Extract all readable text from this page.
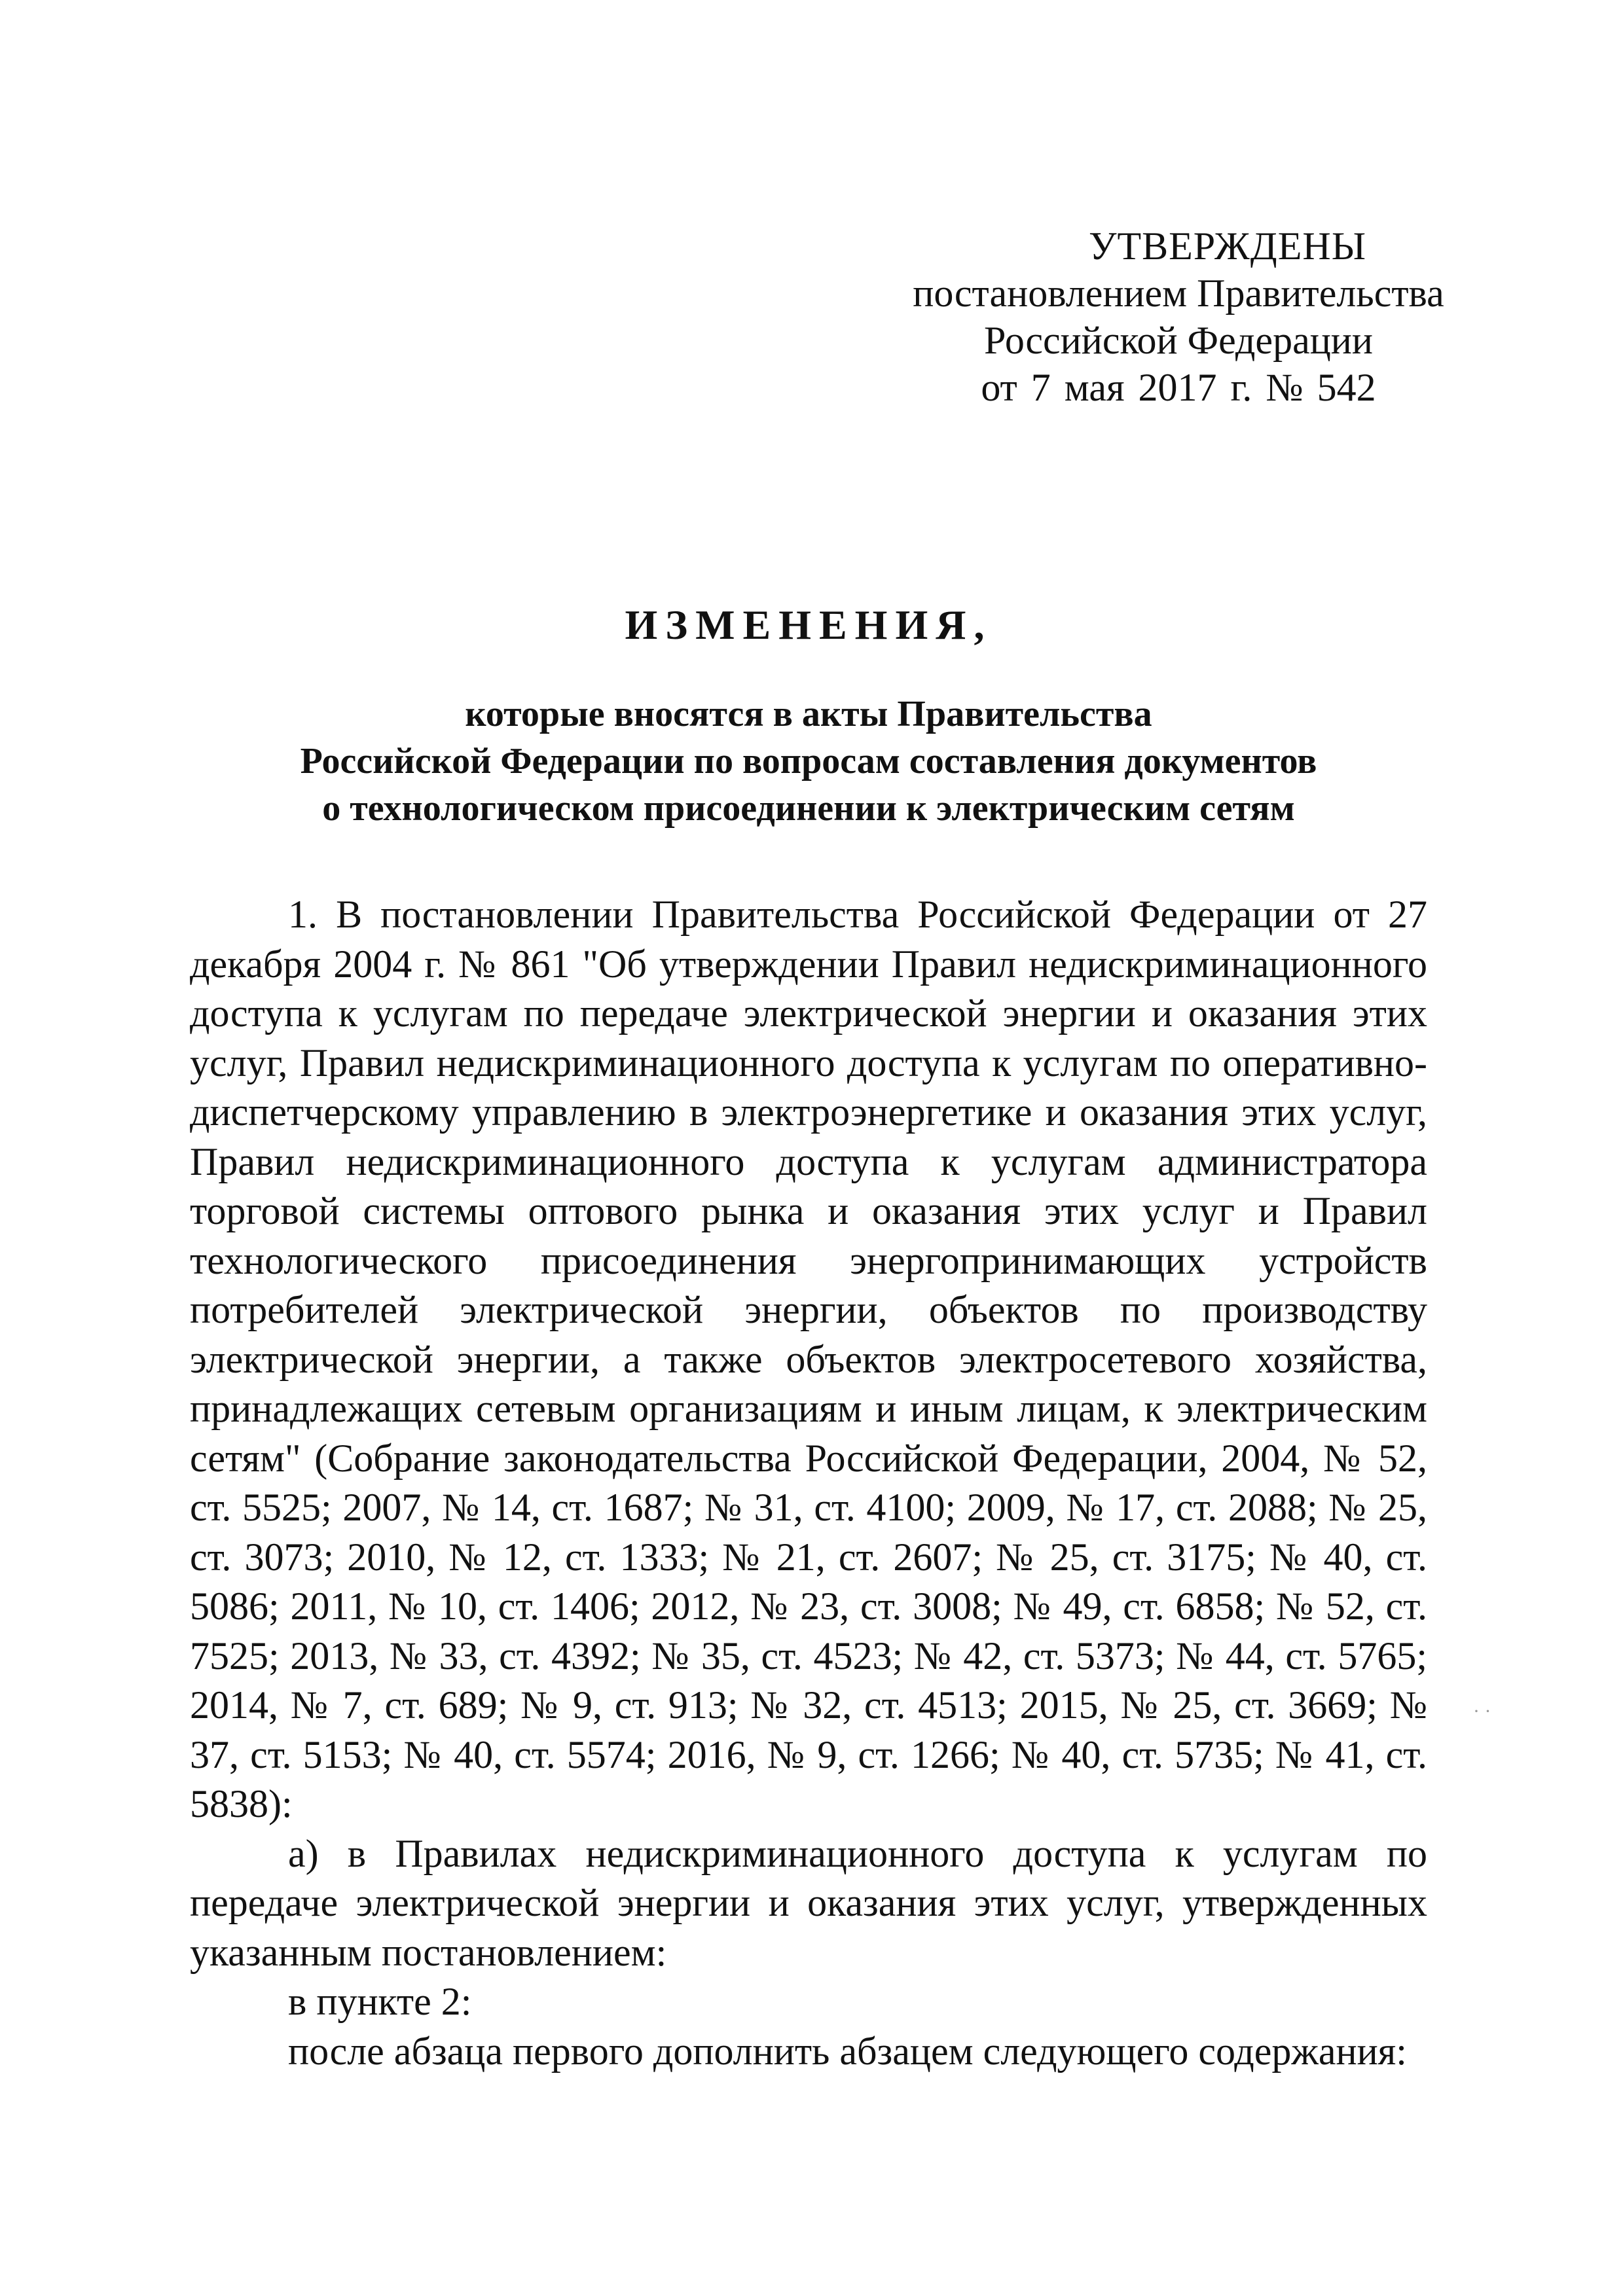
УТВЕРЖДЕНЫ
постановлением Правительства
Российской Федерации
от 7 мая 2017 г. № 542
ИЗМЕНЕНИЯ,
которые вносятся в акты Правительства
Российской Федерации по вопросам составления документов
о технологическом присоединении к электрическим сетям

1. В постановлении Правительства Российской Федерации от 27 декабря 2004 г. № 861 "Об утверждении Правил недискриминационного доступа к услугам по передаче электрической энергии и оказания этих услуг, Правил недискриминационного доступа к услугам по оперативно-диспетчерскому управлению в электроэнергетике и оказания этих услуг, Правил недискриминационного доступа к услугам администратора торговой системы оптового рынка и оказания этих услуг и Правил технологического присоединения энергопринимающих устройств потребителей электрической энергии, объектов по производству электрической энергии, а также объектов электросетевого хозяйства, принадлежащих сетевым организациям и иным лицам, к электрическим сетям" (Собрание законодательства Российской Федерации, 2004, № 52, ст. 5525; 2007, № 14, ст. 1687; № 31, ст. 4100; 2009, № 17, ст. 2088; № 25, ст. 3073; 2010, № 12, ст. 1333; № 21, ст. 2607; № 25, ст. 3175; № 40, ст. 5086; 2011, № 10, ст. 1406; 2012, № 23, ст. 3008; № 49, ст. 6858; № 52, ст. 7525; 2013, № 33, ст. 4392; № 35, ст. 4523; № 42, ст. 5373; № 44, ст. 5765; 2014, № 7, ст. 689; № 9, ст. 913; № 32, ст. 4513; 2015, № 25, ст. 3669; № 37, ст. 5153; № 40, ст. 5574; 2016, № 9, ст. 1266; № 40, ст. 5735; № 41, ст. 5838):

а) в Правилах недискриминационного доступа к услугам по передаче электрической энергии и оказания этих услуг, утвержденных указанным постановлением:

в пункте 2:

после абзаца первого дополнить абзацем следующего содержания:

· ·
